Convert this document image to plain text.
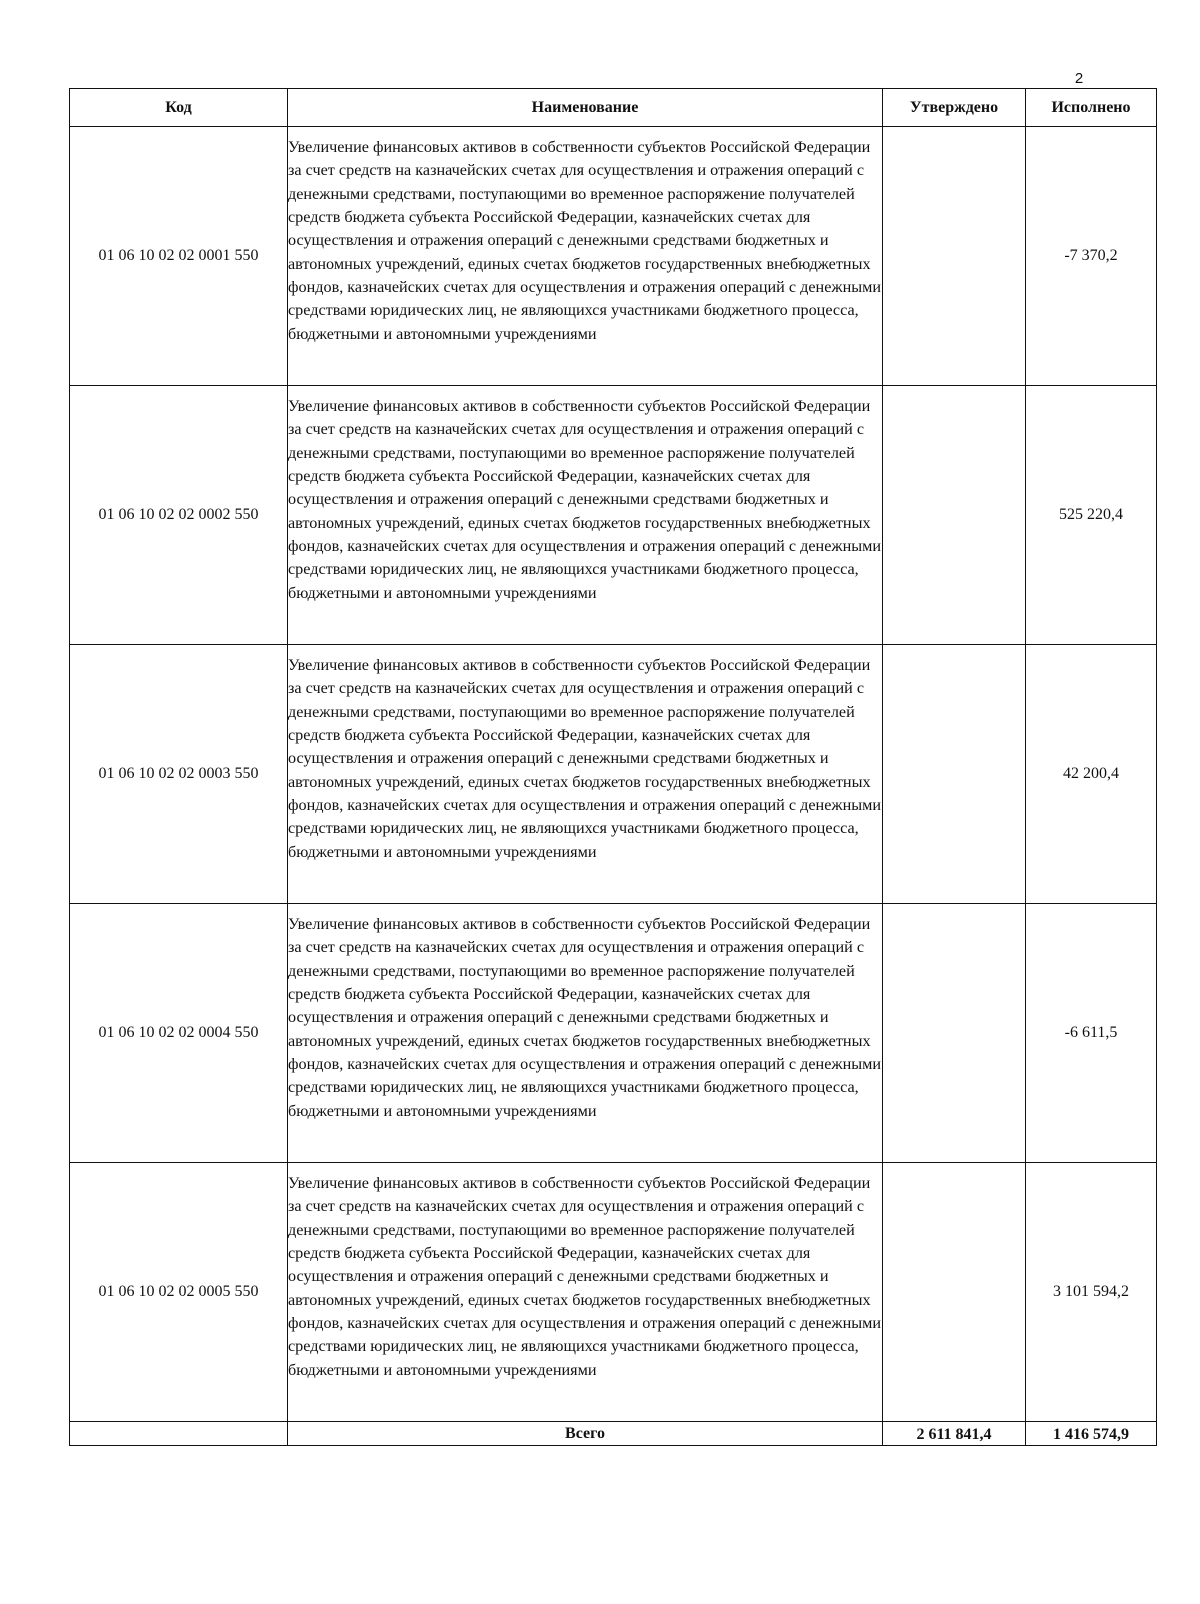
2
Код	Наименование	Утверждено	Исполнено
01 06 10 02 02 0001 550	Увеличение финансовых активов в собственности субъектов Российской Федерации за счет средств на казначейских счетах для осуществления и отражения операций с денежными средствами, поступающими во временное распоряжение получателей средств бюджета субъекта Российской Федерации, казначейских счетах для осуществления и отражения операций с денежными средствами бюджетных и автономных учреждений, единых счетах бюджетов государственных внебюджетных фондов, казначейских счетах для осуществления и отражения операций с денежными средствами юридических лиц, не являющихся участниками бюджетного процесса, бюджетными и автономными учреждениями		-7 370,2
01 06 10 02 02 0002 550	Увеличение финансовых активов в собственности субъектов Российской Федерации за счет средств на казначейских счетах для осуществления и отражения операций с денежными средствами, поступающими во временное распоряжение получателей средств бюджета субъекта Российской Федерации, казначейских счетах для осуществления и отражения операций с денежными средствами бюджетных и автономных учреждений, единых счетах бюджетов государственных внебюджетных фондов, казначейских счетах для осуществления и отражения операций с денежными средствами юридических лиц, не являющихся участниками бюджетного процесса, бюджетными и автономными учреждениями		525 220,4
01 06 10 02 02 0003 550	Увеличение финансовых активов в собственности субъектов Российской Федерации за счет средств на казначейских счетах для осуществления и отражения операций с денежными средствами, поступающими во временное распоряжение получателей средств бюджета субъекта Российской Федерации, казначейских счетах для осуществления и отражения операций с денежными средствами бюджетных и автономных учреждений, единых счетах бюджетов государственных внебюджетных фондов, казначейских счетах для осуществления и отражения операций с денежными средствами юридических лиц, не являющихся участниками бюджетного процесса, бюджетными и автономными учреждениями		42 200,4
01 06 10 02 02 0004 550	Увеличение финансовых активов в собственности субъектов Российской Федерации за счет средств на казначейских счетах для осуществления и отражения операций с денежными средствами, поступающими во временное распоряжение получателей средств бюджета субъекта Российской Федерации, казначейских счетах для осуществления и отражения операций с денежными средствами бюджетных и автономных учреждений, единых счетах бюджетов государственных внебюджетных фондов, казначейских счетах для осуществления и отражения операций с денежными средствами юридических лиц, не являющихся участниками бюджетного процесса, бюджетными и автономными учреждениями		-6 611,5
01 06 10 02 02 0005 550	Увеличение финансовых активов в собственности субъектов Российской Федерации за счет средств на казначейских счетах для осуществления и отражения операций с денежными средствами, поступающими во временное распоряжение получателей средств бюджета субъекта Российской Федерации, казначейских счетах для осуществления и отражения операций с денежными средствами бюджетных и автономных учреждений, единых счетах бюджетов государственных внебюджетных фондов, казначейских счетах для осуществления и отражения операций с денежными средствами юридических лиц, не являющихся участниками бюджетного процесса, бюджетными и автономными учреждениями		3 101 594,2
	Всего	2 611 841,4	1 416 574,9
